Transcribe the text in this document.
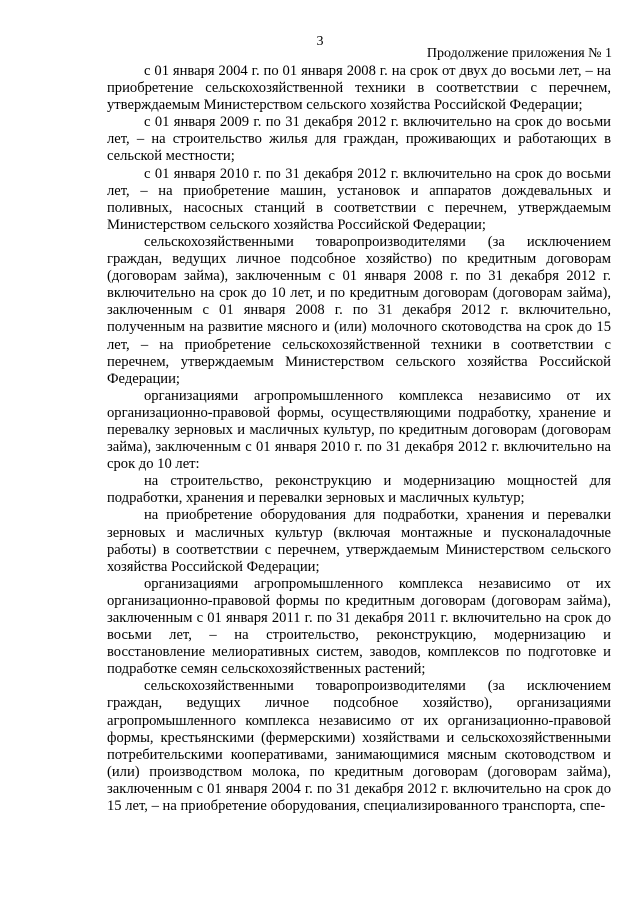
3
Продолжение приложения № 1

с 01 января 2004 г. по 01 января 2008 г. на срок от двух до восьми лет, – на приобретение сельскохозяйственной техники в соответствии с перечнем, утверждаемым Министерством сельского хозяйства Российской Федерации;

с 01 января 2009 г. по 31 декабря 2012 г. включительно на срок до восьми лет, – на строительство жилья для граждан, проживающих и работающих в сельской местности;

с 01 января 2010 г. по 31 декабря 2012 г. включительно на срок до восьми лет, – на приобретение машин, установок и аппаратов дождевальных и поливных, насосных станций в соответствии с перечнем, утверждаемым Министерством сельского хозяйства Российской Федерации;

сельскохозяйственными товаропроизводителями (за исключением граждан, ведущих личное подсобное хозяйство) по кредитным договорам (договорам займа), заключенным с 01 января 2008 г. по 31 декабря 2012 г. включительно на срок до 10 лет, и по кредитным договорам (договорам займа), заключенным с 01 января 2008 г. по 31 декабря 2012 г. включительно, полученным на развитие мясного и (или) молочного скотоводства на срок до 15 лет, – на приобретение сельскохозяйственной техники в соответствии с перечнем, утверждаемым Министерством сельского хозяйства Российской Федерации;

организациями агропромышленного комплекса независимо от их организационно-правовой формы, осуществляющими подработку, хранение и перевалку зерновых и масличных культур, по кредитным договорам (договорам займа), заключенным с 01 января 2010 г. по 31 декабря 2012 г. включительно на срок до 10 лет:

на строительство, реконструкцию и модернизацию мощностей для подработки, хранения и перевалки зерновых и масличных культур;

на приобретение оборудования для подработки, хранения и перевалки зерновых и масличных культур (включая монтажные и пусконаладочные работы) в соответствии с перечнем, утверждаемым Министерством сельского хозяйства Российской Федерации;

организациями агропромышленного комплекса независимо от их организационно-правовой формы по кредитным договорам (договорам займа), заключенным с 01 января 2011 г. по 31 декабря 2011 г. включительно на срок до восьми лет, – на строительство, реконструкцию, модернизацию и восстановление мелиоративных систем, заводов, комплексов по подготовке и подработке семян сельскохозяйственных растений;

сельскохозяйственными товаропроизводителями (за исключением граждан, ведущих личное подсобное хозяйство), организациями агропромышленного комплекса независимо от их организационно-правовой формы, крестьянскими (фермерскими) хозяйствами и сельскохозяйственными потребительскими кооперативами, занимающимися мясным скотоводством и (или) производством молока, по кредитным договорам (договорам займа), заключенным с 01 января 2004 г. по 31 декабря 2012 г. включительно на срок до 15 лет, – на приобретение оборудования, специализированного транспорта, спе-
